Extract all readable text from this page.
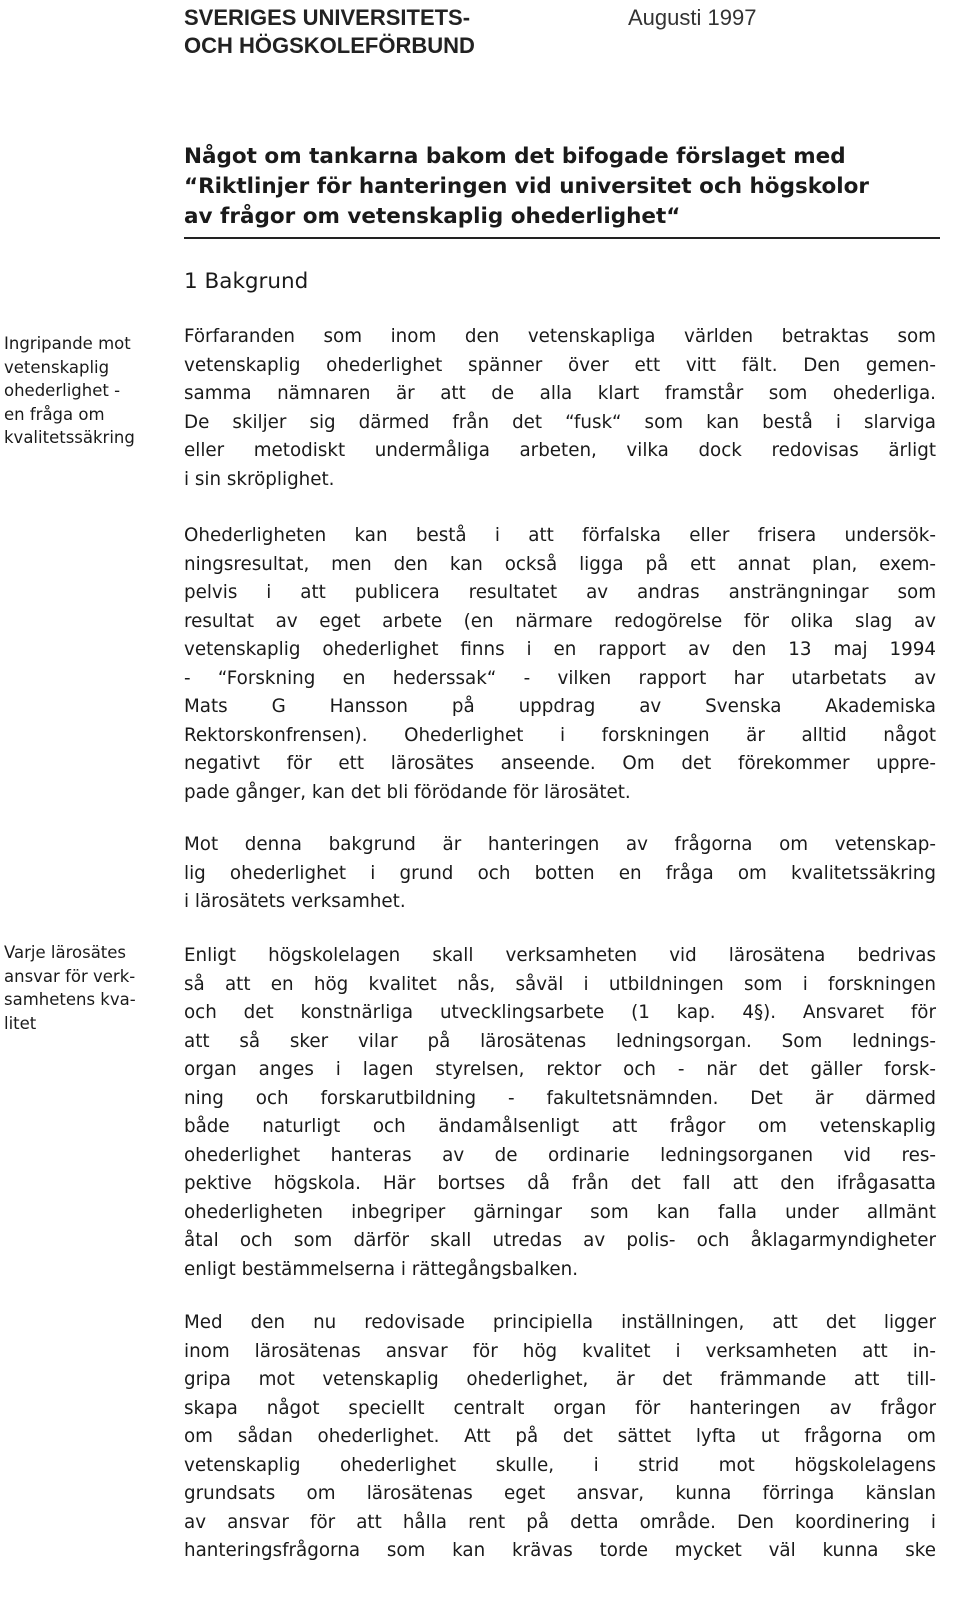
SVERIGES UNIVERSITETS-
OCH HÖGSKOLEFÖRBUND
Augusti 1997
Något om tankarna bakom det bifogade förslaget med
“Riktlinjer för hanteringen vid universitet och högskolor
av frågor om vetenskaplig ohederlighet“
1 Bakgrund
Ingripande mot
vetenskaplig
ohederlighet -
en fråga om
kvalitetssäkring
Varje lärosätes
ansvar för verk-
samhetens kva-
litet
Förfaranden som inom den vetenskapliga världen betraktas som
vetenskaplig ohederlighet spänner över ett vitt fält. Den gemen-
samma nämnaren är att de alla klart framstår som ohederliga.
De skiljer sig därmed från det “fusk“ som kan bestå i slarviga
eller metodiskt undermåliga arbeten, vilka dock redovisas ärligt
i sin skröplighet.
Ohederligheten kan bestå i att förfalska eller frisera undersök-
ningsresultat, men den kan också ligga på ett annat plan, exem-
pelvis i att publicera resultatet av andras ansträngningar som
resultat av eget arbete (en närmare redogörelse för olika slag av
vetenskaplig ohederlighet finns i en rapport av den 13 maj 1994
- “Forskning en hederssak“ - vilken rapport har utarbetats av
Mats G Hansson på uppdrag av Svenska Akademiska
Rektorskonfrensen). Ohederlighet i forskningen är alltid något
negativt för ett lärosätes anseende. Om det förekommer uppre-
pade gånger, kan det bli förödande för lärosätet.
Mot denna bakgrund är hanteringen av frågorna om vetenskap-
lig ohederlighet i grund och botten en fråga om kvalitetssäkring
i lärosätets verksamhet.
Enligt högskolelagen skall verksamheten vid lärosätena bedrivas
så att en hög kvalitet nås, såväl i utbildningen som i forskningen
och det konstnärliga utvecklingsarbete (1 kap. 4§). Ansvaret för
att så sker vilar på lärosätenas ledningsorgan. Som lednings-
organ anges i lagen styrelsen, rektor och - när det gäller forsk-
ning och forskarutbildning - fakultetsnämnden. Det är därmed
både naturligt och ändamålsenligt att frågor om vetenskaplig
ohederlighet hanteras av de ordinarie ledningsorganen vid res-
pektive högskola. Här bortses då från det fall att den ifrågasatta
ohederligheten inbegriper gärningar som kan falla under allmänt
åtal och som därför skall utredas av polis- och åklagarmyndigheter
enligt bestämmelserna i rättegångsbalken.
Med den nu redovisade principiella inställningen, att det ligger
inom lärosätenas ansvar för hög kvalitet i verksamheten att in-
gripa mot vetenskaplig ohederlighet, är det främmande att till-
skapa något speciellt centralt organ för hanteringen av frågor
om sådan ohederlighet. Att på det sättet lyfta ut frågorna om
vetenskaplig ohederlighet skulle, i strid mot högskolelagens
grundsats om lärosätenas eget ansvar, kunna förringa känslan
av ansvar för att hålla rent på detta område. Den koordinering i
hanteringsfrågorna som kan krävas torde mycket väl kunna ske
